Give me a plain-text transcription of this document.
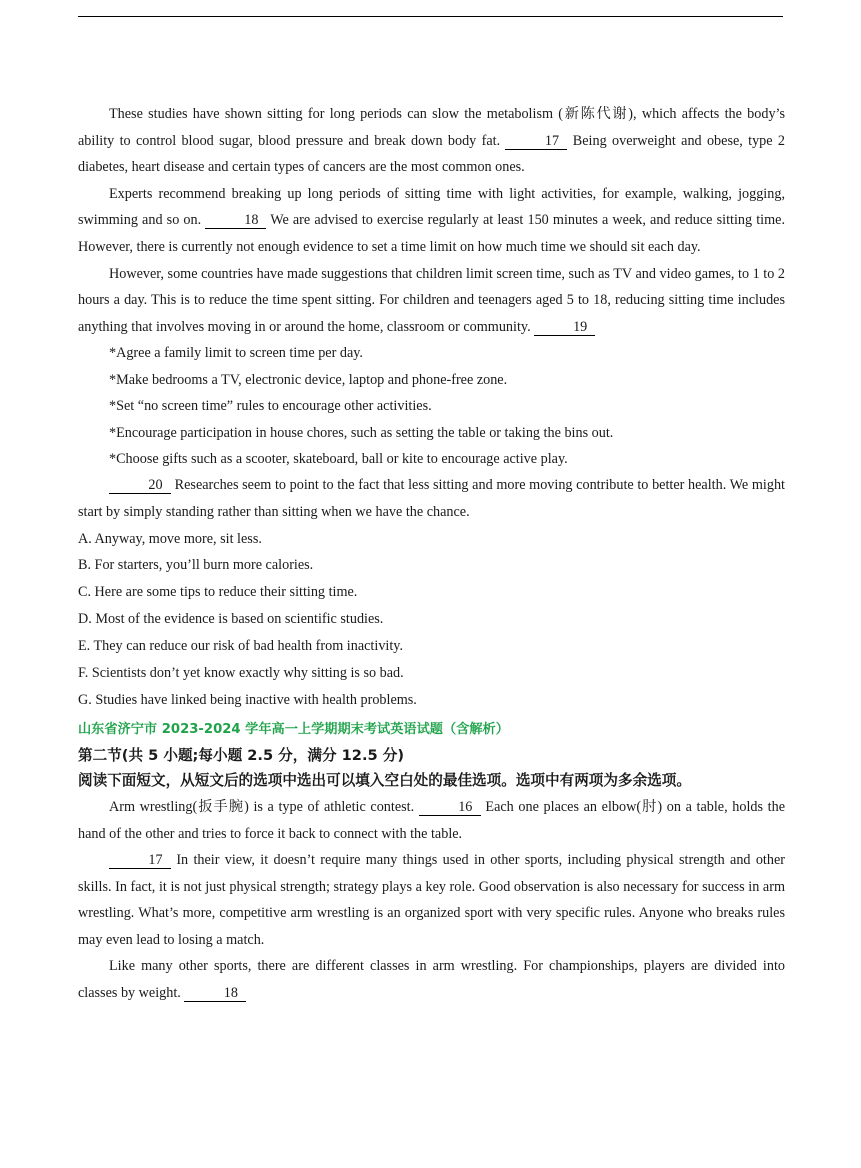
These studies have shown sitting for long periods can slow the metabolism (新陈代谢), which affects the body’s ability to control blood sugar, blood pressure and break down body fat.	17 Being overweight and obese, type 2 diabetes, heart disease and certain types of cancers are the most common ones.

Experts recommend breaking up long periods of sitting time with light activities, for example, walking, jogging, swimming and so on.	18 We are advised to exercise regularly at least 150 minutes a week, and reduce sitting time. However, there is currently not enough evidence to set a time limit on how much time we should sit each day.

However, some countries have made suggestions that children limit screen time, such as TV and video games, to 1 to 2 hours a day. This is to reduce the time spent sitting. For children and teenagers aged 5 to 18, reducing sitting time includes anything that involves moving in or around the home, classroom or community.	19

*Agree a family limit to screen time per day.

*Make bedrooms a TV, electronic device, laptop and phone-free zone.

*Set “no screen time” rules to encourage other activities.

*Encourage participation in house chores, such as setting the table or taking the bins out.

*Choose gifts such as a scooter, skateboard, ball or kite to encourage active play.

20 Researches seem to point to the fact that less sitting and more moving contribute to better health. We might start by simply standing rather than sitting when we have the chance.

A. Anyway, move more, sit less.

B. For starters, you’ll burn more calories.

C. Here are some tips to reduce their sitting time.

D. Most of the evidence is based on scientific studies.

E. They can reduce our risk of bad health from inactivity.

F. Scientists don’t yet know exactly why sitting is so bad.

G. Studies have linked being inactive with health problems.

山东省济宁市 2023-2024 学年高一上学期期末考试英语试题（含解析）

第二节(共 5 小题;每小题 2.5 分，满分 12.5 分)

阅读下面短文，从短文后的选项中选出可以填入空白处的最佳选项。选项中有两项为多余选项。

Arm wrestling(扳手腕) is a type of athletic contest.	16 Each one places an elbow(肘) on a table, holds the hand of the other and tries to force it back to connect with the table.

17 In their view, it doesn’t require many things used in other sports, including physical strength and other skills. In fact, it is not just physical strength; strategy plays a key role. Good observation is also necessary for success in arm wrestling. What’s more, competitive arm wrestling is an organized sport with very specific rules. Anyone who breaks rules may even lead to losing a match.

Like many other sports, there are different classes in arm wrestling. For championships, players are divided into classes by weight.	18
